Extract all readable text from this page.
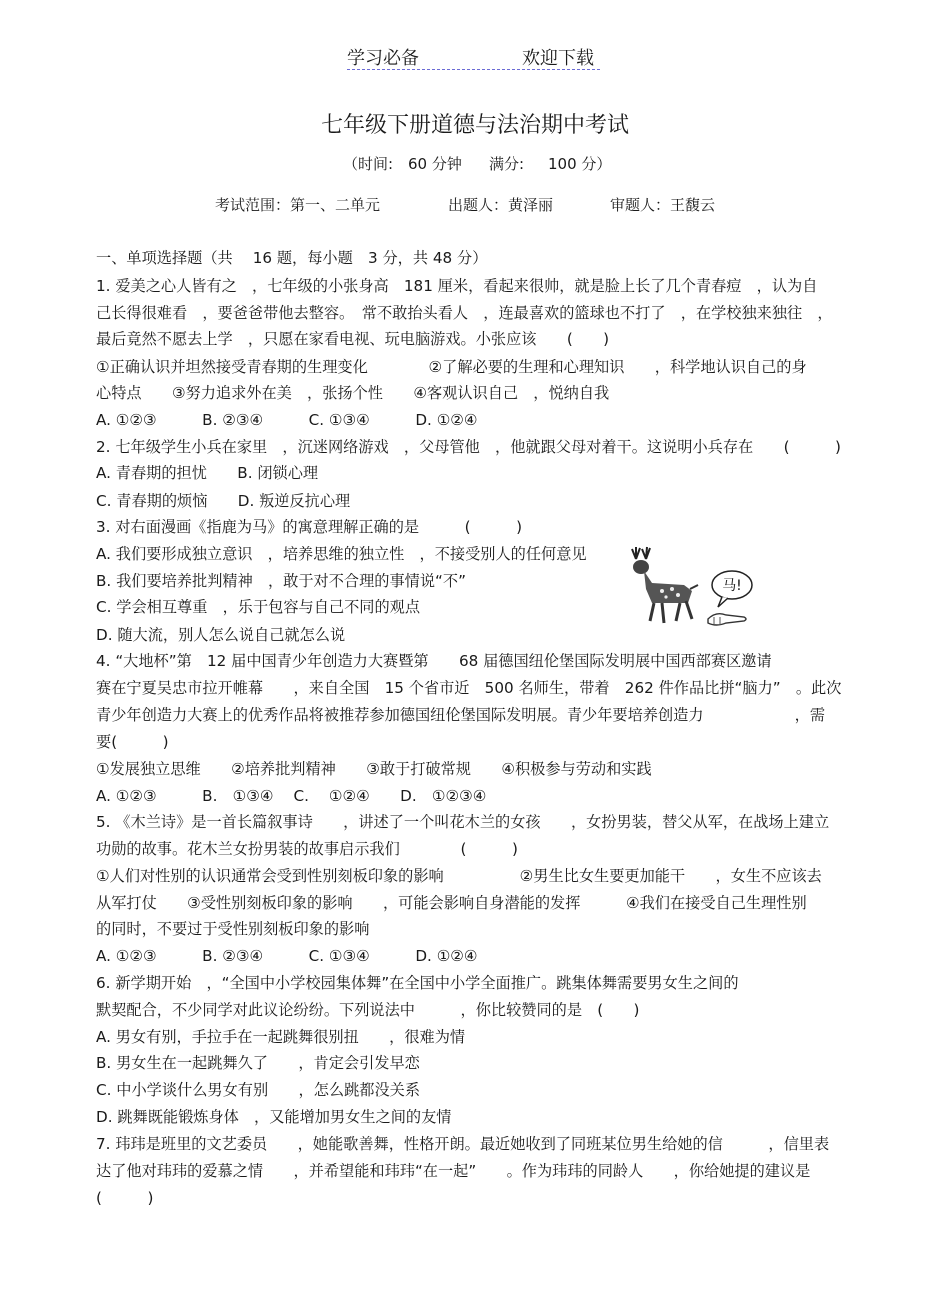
学习必备	欢迎下载
七年级下册道德与法治期中考试
（时间: 60 分钟 满分: 100 分）
考试范围：第一、二单元	出题人：黄泽丽	审题人：王馥云
一、单项选择题（共　 16 题，每小题　3 分，共 48 分）
1. 爱美之心人皆有之　，七年级的小张身高　181 厘米，看起来很帅，就是脸上长了几个青春痘　，认为自
己长得很难看　，要爸爸带他去整容。　常不敢抬头看人　，连最喜欢的篮球也不打了　，在学校独来独往　，
最后竟然不愿去上学　，只愿在家看电视、玩电脑游戏。小张应该　　(　　)
①正确认识并坦然接受青春期的生理变化　　　　②了解必要的生理和心理知识　　，科学地认识自己的身
心特点　　③努力追求外在美　，张扬个性　　④客观认识自己　，悦纳自我
A. ①②③　　　B. ②③④　　　C. ①③④　　　D. ①②④
2. 七年级学生小兵在家里　，沉迷网络游戏　，父母管他　，他就跟父母对着干。这说明小兵存在　　(　　　)
A. 青春期的担忧　　B. 闭锁心理
C. 青春期的烦恼　　D. 叛逆反抗心理
3. 对右面漫画《指鹿为马》的寓意理解正确的是　　　(　　　)
A. 我们要形成独立意识　，培养思维的独立性　，不接受别人的任何意见
B. 我们要培养批判精神　，敢于对不合理的事情说“不”
C. 学会相互尊重　，乐于包容与自己不同的观点
D. 随大流，别人怎么说自己就怎么说
4. “大地杯”第　12 届中国青少年创造力大赛暨第　　68 届德国纽伦堡国际发明展中国西部赛区邀请
赛在宁夏吴忠市拉开帷幕　　，来自全国　15 个省市近　500 名师生，带着　262 件作品比拼“脑力”　。此次
青少年创造力大赛上的优秀作品将被推荐参加德国纽伦堡国际发明展。青少年要培养创造力　　　　　　，需
要(　　　)
①发展独立思维　　②培养批判精神　　③敢于打破常规　　④积极参与劳动和实践
A. ①②③　　　B.　①③④　 C.　 ①②④　　D.　①②③④
5. 《木兰诗》是一首长篇叙事诗　　，讲述了一个叫花木兰的女孩　　，女扮男装，替父从军，在战场上建立
功勋的故事。花木兰女扮男装的故事启示我们　　　　(　　　)
①人们对性别的认识通常会受到性别刻板印象的影响　　　　　②男生比女生要更加能干　　，女生不应该去
从军打仗　　③受性别刻板印象的影响　　，可能会影响自身潜能的发挥　　　④我们在接受自己生理性别
的同时，不要过于受性别刻板印象的影响
A. ①②③　　　B. ②③④　　　C. ①③④　　　D. ①②④
6. 新学期开始　，“全国中小学校园集体舞”在全国中小学全面推广。跳集体舞需要男女生之间的
默契配合，不少同学对此议论纷纷。下列说法中　　　，你比较赞同的是　(　　)
A. 男女有别，手拉手在一起跳舞很别扭　　，很难为情
B. 男女生在一起跳舞久了　　，肯定会引发早恋
C. 中小学谈什么男女有别　　，怎么跳都没关系
D. 跳舞既能锻炼身体　，又能增加男女生之间的友情
7. 玮玮是班里的文艺委员　　，她能歌善舞，性格开朗。最近她收到了同班某位男生给她的信　　　，信里表
达了他对玮玮的爱慕之情　　，并希望能和玮玮“在一起”　　。作为玮玮的同龄人　　，你给她提的建议是
(　　　)
马!
